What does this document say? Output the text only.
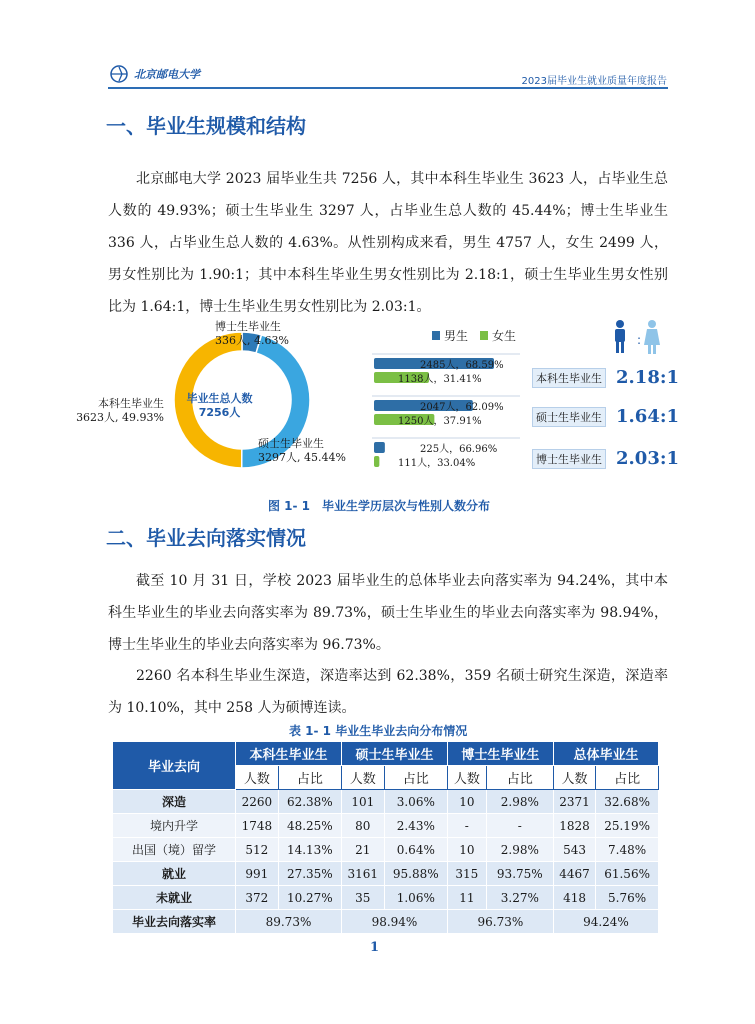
北京邮电大学
2023届毕业生就业质量年度报告
一、毕业生规模和结构

北京邮电大学 2023 届毕业生共 7256 人，其中本科生毕业生 3623 人，占毕业生总人数的 49.93%；硕士生毕业生 3297 人，占毕业生总人数的 45.44%；博士生毕业生 336 人，占毕业生总人数的 4.63%。从性别构成来看，男生 4757 人，女生 2499 人，男女性别比为 1.90:1；其中本科生毕业生男女性别比为 2.18:1，硕士生毕业生男女性别比为 1.64:1，博士生毕业生男女性别比为 2.03:1。

毕业生总人数
7256人
博士生毕业生
336人, 4.63%
硕士生毕业生
3297人, 45.44%
本科生毕业生
3623人, 49.93%
男生 女生	:
2485人，68.59%
1138人，31.41%
2047人，62.09%
1250人，37.91%
225人，66.96%
111人，33.04%
本科生毕业生 2.18:1
硕士生毕业生 1.64:1
博士生毕业生 2.03:1
图 1- 1　毕业生学历层次与性别人数分布
二、毕业去向落实情况

截至 10 月 31 日，学校 2023 届毕业生的总体毕业去向落实率为 94.24%，其中本科生毕业生的毕业去向落实率为 89.73%，硕士生毕业生的毕业去向落实率为 98.94%，博士生毕业生的毕业去向落实率为 96.73%。

2260 名本科生毕业生深造，深造率达到 62.38%，359 名硕士研究生深造，深造率为 10.10%，其中 258 人为硕博连读。

表 1- 1 毕业生毕业去向分布情况
毕业去向	本科生毕业生		硕士生毕业生		博士生毕业生		总体毕业生	
	人数	占比	人数	占比	人数	占比	人数	占比
深造	2260	62.38%	101	3.06%	10	2.98%	2371	32.68%
境内升学	1748	48.25%	80	2.43%	-	-	1828	25.19%
出国（境）留学	512	14.13%	21	0.64%	10	2.98%	543	7.48%
就业	991	27.35%	3161	95.88%	315	93.75%	4467	61.56%
未就业	372	10.27%	35	1.06%	11	3.27%	418	5.76%
毕业去向落实率	89.73%		98.94%		96.73%		94.24%	
1
